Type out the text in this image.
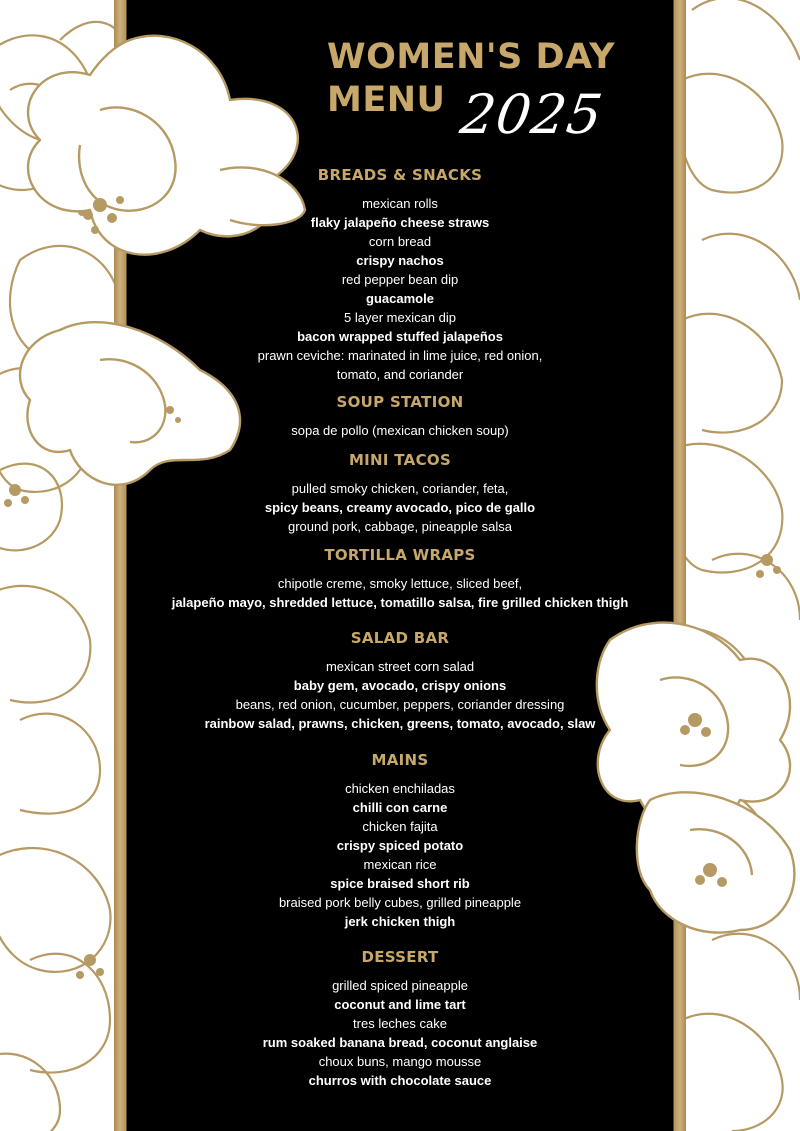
WOMEN'S DAY
MENU 2025
BREADS & SNACKS
mexican rolls
flaky jalapeño cheese straws
corn bread
crispy nachos
red pepper bean dip
guacamole
5 layer mexican dip
bacon wrapped stuffed jalapeños
prawn ceviche: marinated in lime juice, red onion,
tomato, and coriander
SOUP STATION
sopa de pollo (mexican chicken soup)
MINI TACOS
pulled smoky chicken, coriander, feta,
spicy beans, creamy avocado, pico de gallo
ground pork, cabbage, pineapple salsa
TORTILLA WRAPS
chipotle creme, smoky lettuce, sliced beef,
jalapeño mayo, shredded lettuce, tomatillo salsa, fire grilled chicken thigh
SALAD BAR
mexican street corn salad
baby gem, avocado, crispy onions
beans, red onion, cucumber, peppers, coriander dressing
rainbow salad, prawns, chicken, greens, tomato, avocado, slaw
MAINS
chicken enchiladas
chilli con carne
chicken fajita
crispy spiced potato
mexican rice
spice braised short rib
braised pork belly cubes, grilled pineapple
jerk chicken thigh
DESSERT
grilled spiced pineapple
coconut and lime tart
tres leches cake
rum soaked banana bread, coconut anglaise
choux buns, mango mousse
churros with chocolate sauce
